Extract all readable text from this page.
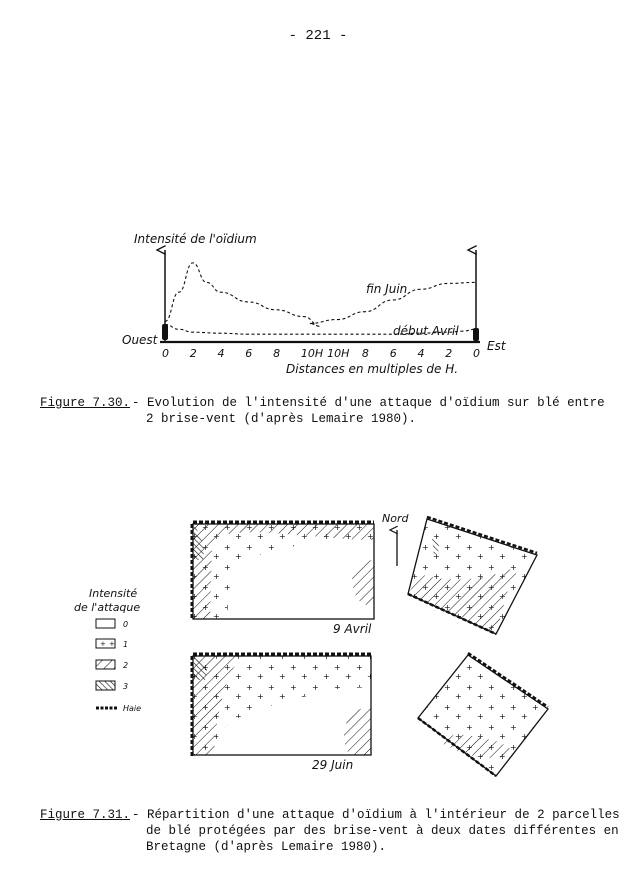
- 221 -
0 2 4 6 8 10H 10H 8 6 4 2 0
Intensité de l'oïdium
Ouest	Est
Distances en multiples de H.
fin Juin
début Avril
Nord
9 Avril
29 Juin
Intensité
de l'attaque
0
1
2
3
Haie
Figure 7.30. - Evolution de l'intensité d'une attaque d'oïdium sur blé entre
2 brise-vent (d'après Lemaire 1980).
Figure 7.31. - Répartition d'une attaque d'oïdium à l'intérieur de 2 parcelles
de blé protégées par des brise-vent à deux dates différentes en
Bretagne (d'après Lemaire 1980).
